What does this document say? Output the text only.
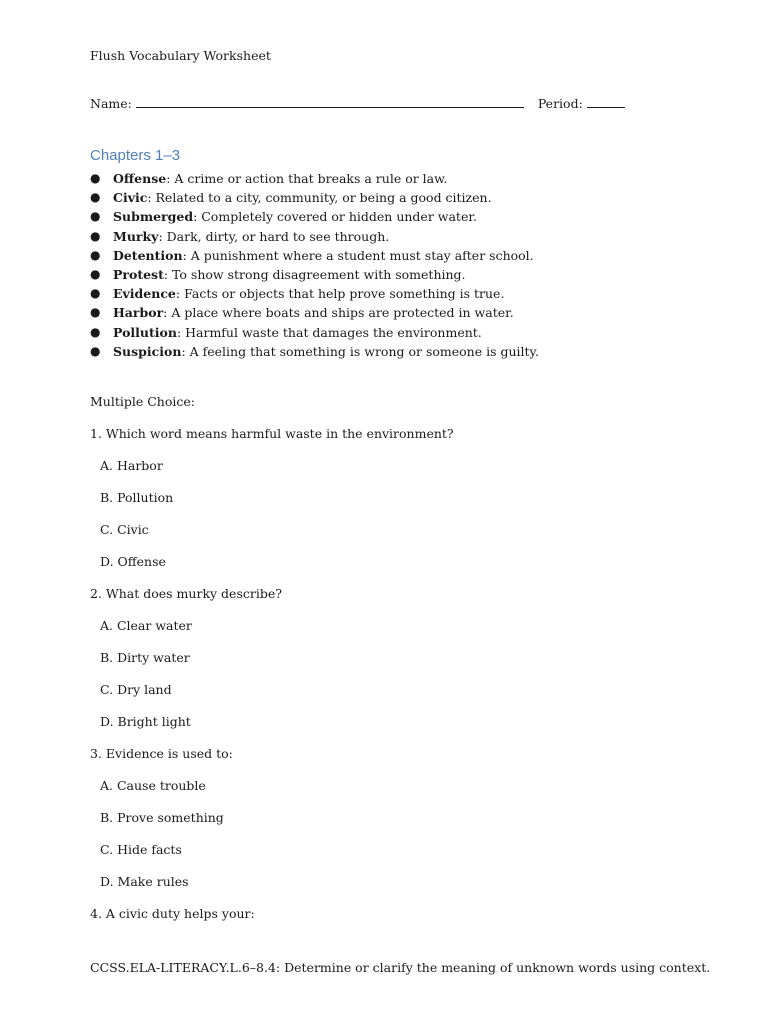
Flush Vocabulary Worksheet
Name:	Period:
Chapters 1–3
● Offense: A crime or action that breaks a rule or law.
● Civic: Related to a city, community, or being a good citizen.
● Submerged: Completely covered or hidden under water.
● Murky: Dark, dirty, or hard to see through.
● Detention: A punishment where a student must stay after school.
● Protest: To show strong disagreement with something.
● Evidence: Facts or objects that help prove something is true.
● Harbor: A place where boats and ships are protected in water.
● Pollution: Harmful waste that damages the environment.
● Suspicion: A feeling that something is wrong or someone is guilty.
Multiple Choice:
1. Which word means harmful waste in the environment?
A. Harbor
B. Pollution
C. Civic
D. Offense
2. What does murky describe?
A. Clear water
B. Dirty water
C. Dry land
D. Bright light
3. Evidence is used to:
A. Cause trouble
B. Prove something
C. Hide facts
D. Make rules
4. A civic duty helps your:
CCSS.ELA-LITERACY.L.6–8.4: Determine or clarify the meaning of unknown words using context.
